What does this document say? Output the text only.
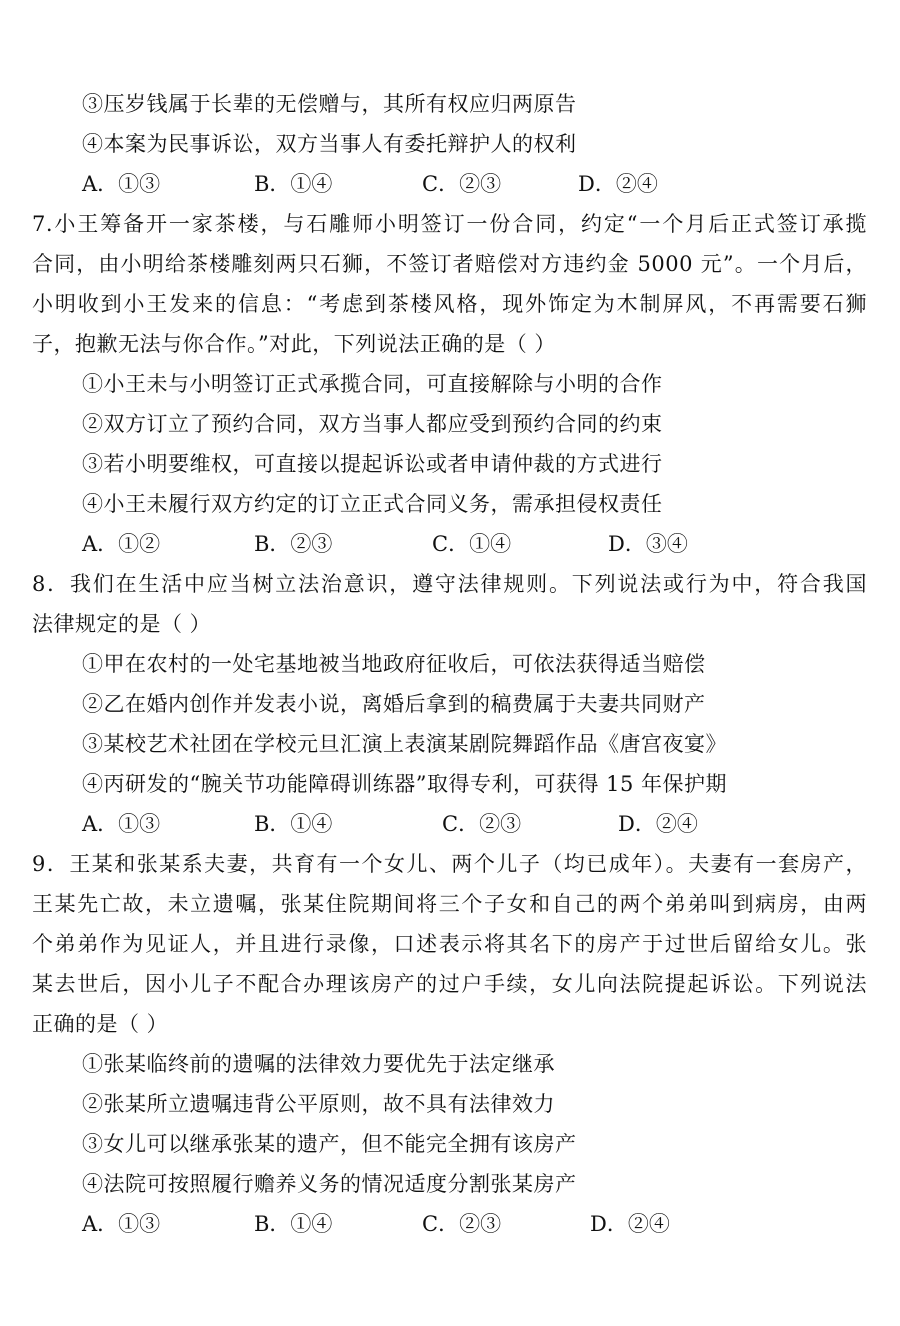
③压岁钱属于长辈的无偿赠与，其所有权应归两原告
④本案为民事诉讼，双方当事人有委托辩护人的权利
A．①③	B．①④	C．②③	D．②④
7.小王筹备开一家茶楼，与石雕师小明签订一份合同，约定“一个月后正式签订承揽
合同，由小明给茶楼雕刻两只石狮，不签订者赔偿对方违约金 5000 元”。一个月后，
小明收到小王发来的信息：“考虑到茶楼风格，现外饰定为木制屏风，不再需要石狮
子，抱歉无法与你合作。”对此，下列说法正确的是（ ）
①小王未与小明签订正式承揽合同，可直接解除与小明的合作
②双方订立了预约合同，双方当事人都应受到预约合同的约束
③若小明要维权，可直接以提起诉讼或者申请仲裁的方式进行
④小王未履行双方约定的订立正式合同义务，需承担侵权责任
A．①②	B．②③	C．①④	D．③④
8．我们在生活中应当树立法治意识，遵守法律规则。下列说法或行为中，符合我国
法律规定的是（ ）
①甲在农村的一处宅基地被当地政府征收后，可依法获得适当赔偿
②乙在婚内创作并发表小说，离婚后拿到的稿费属于夫妻共同财产
③某校艺术社团在学校元旦汇演上表演某剧院舞蹈作品《唐宫夜宴》
④丙研发的“腕关节功能障碍训练器”取得专利，可获得 15 年保护期
A．①③	B．①④	C．②③	D．②④
9．王某和张某系夫妻，共育有一个女儿、两个儿子（均已成年）。夫妻有一套房产，
王某先亡故，未立遗嘱，张某住院期间将三个子女和自己的两个弟弟叫到病房，由两
个弟弟作为见证人，并且进行录像，口述表示将其名下的房产于过世后留给女儿。张
某去世后，因小儿子不配合办理该房产的过户手续，女儿向法院提起诉讼。下列说法
正确的是（ ）
①张某临终前的遗嘱的法律效力要优先于法定继承
②张某所立遗嘱违背公平原则，故不具有法律效力
③女儿可以继承张某的遗产，但不能完全拥有该房产
④法院可按照履行赡养义务的情况适度分割张某房产
A．①③	B．①④	C．②③	D．②④
